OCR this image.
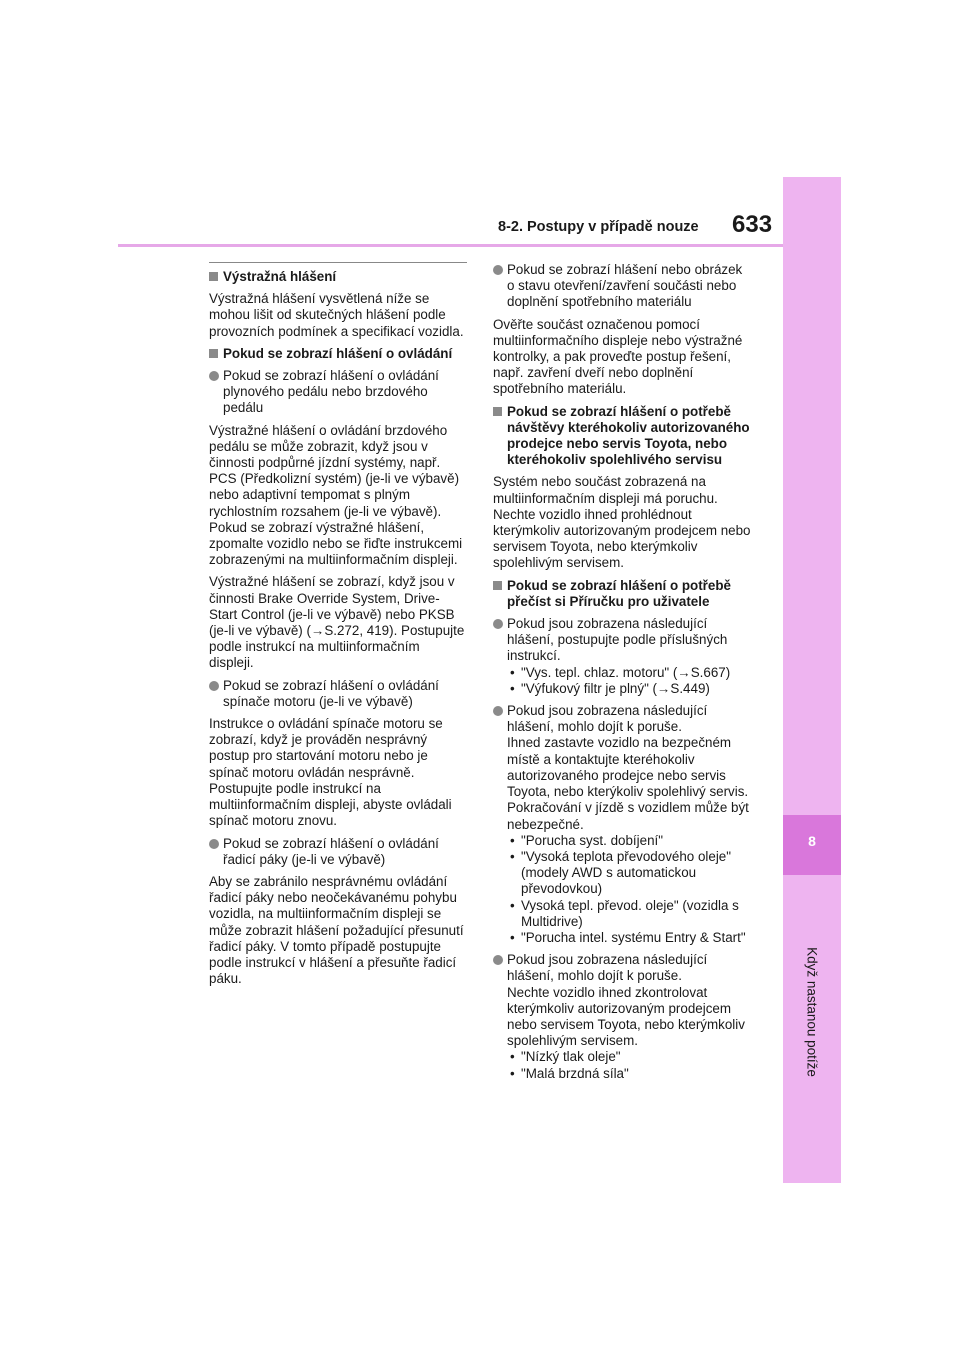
8
Když nastanou potíže
8-2. Postupy v případě nouze 633
Výstražná hlášení

Výstražná hlášení vysvětlená níže se mohou lišit od skutečných hlášení podle provozních podmínek a specifikací vozidla.

Pokud se zobrazí hlášení o ovládání
Pokud se zobrazí hlášení o ovládání plynového pedálu nebo brzdového pedálu

Výstražné hlášení o ovládání brzdového pedálu se může zobrazit, když jsou v činnosti podpůrné jízdní systémy, např. PCS (Předkolizní systém) (je-li ve výbavě) nebo adaptivní tempomat s plným rychlostním rozsahem (je-li ve výbavě). Pokud se zobrazí výstražné hlášení, zpomalte vozidlo nebo se řiďte instrukcemi zobrazenými na multiinformačním displeji.

Výstražné hlášení se zobrazí, když jsou v činnosti Brake Override System, Drive-Start Control (je-li ve výbavě) nebo PKSB (je-li ve výbavě) (→S.272, 419). Postupujte podle instrukcí na multiinformačním displeji.

Pokud se zobrazí hlášení o ovládání spínače motoru (je-li ve výbavě)

Instrukce o ovládání spínače motoru se zobrazí, když je prováděn nesprávný postup pro startování motoru nebo je spínač motoru ovládán nesprávně. Postupujte podle instrukcí na multiinformačním displeji, abyste ovládali spínač motoru znovu.

Pokud se zobrazí hlášení o ovládání řadicí páky (je-li ve výbavě)

Aby se zabránilo nesprávnému ovládání řadicí páky nebo neočekávanému pohybu vozidla, na multiinformačním displeji se může zobrazit hlášení požadující přesunutí řadicí páky. V tomto případě postupujte podle instrukcí v hlášení a přesuňte řadicí páku.

Pokud se zobrazí hlášení nebo obrázek o stavu otevření/zavření součásti nebo doplnění spotřebního materiálu

Ověřte součást označenou pomocí multiinformačního displeje nebo výstražné kontrolky, a pak proveďte postup řešení, např. zavření dveří nebo doplnění spotřebního materiálu.

Pokud se zobrazí hlášení o potřebě návštěvy kteréhokoliv autorizovaného prodejce nebo servis Toyota, nebo kteréhokoliv spolehlivého servisu

Systém nebo součást zobrazená na multiinformačním displeji má poruchu. Nechte vozidlo ihned prohlédnout kterýmkoliv autorizovaným prodejcem nebo servisem Toyota, nebo kterýmkoliv spolehlivým servisem.

Pokud se zobrazí hlášení o potřebě přečíst si Příručku pro uživatele
Pokud jsou zobrazena následující hlášení, postupujte podle příslušných instrukcí.
• "Vys. tepl. chlaz. motoru" (→S.667)
• "Výfukový filtr je plný" (→S.449)
Pokud jsou zobrazena následující hlášení, mohlo dojít k poruše.
Ihned zastavte vozidlo na bezpečném místě a kontaktujte kteréhokoliv autorizovaného prodejce nebo servis Toyota, nebo kterýkoliv spolehlivý servis. Pokračování v jízdě s vozidlem může být nebezpečné.
• "Porucha syst. dobíjení"
• "Vysoká teplota převodového oleje" (modely AWD s automatickou převodovkou)
• Vysoká tepl. převod. oleje" (vozidla s Multidrive)
• "Porucha intel. systému Entry & Start"
Pokud jsou zobrazena následující hlášení, mohlo dojít k poruše.
Nechte vozidlo ihned zkontrolovat kterýmkoliv autorizovaným prodejcem nebo servisem Toyota, nebo kterýmkoliv spolehlivým servisem.
• "Nízký tlak oleje"
• "Malá brzdná síla"
